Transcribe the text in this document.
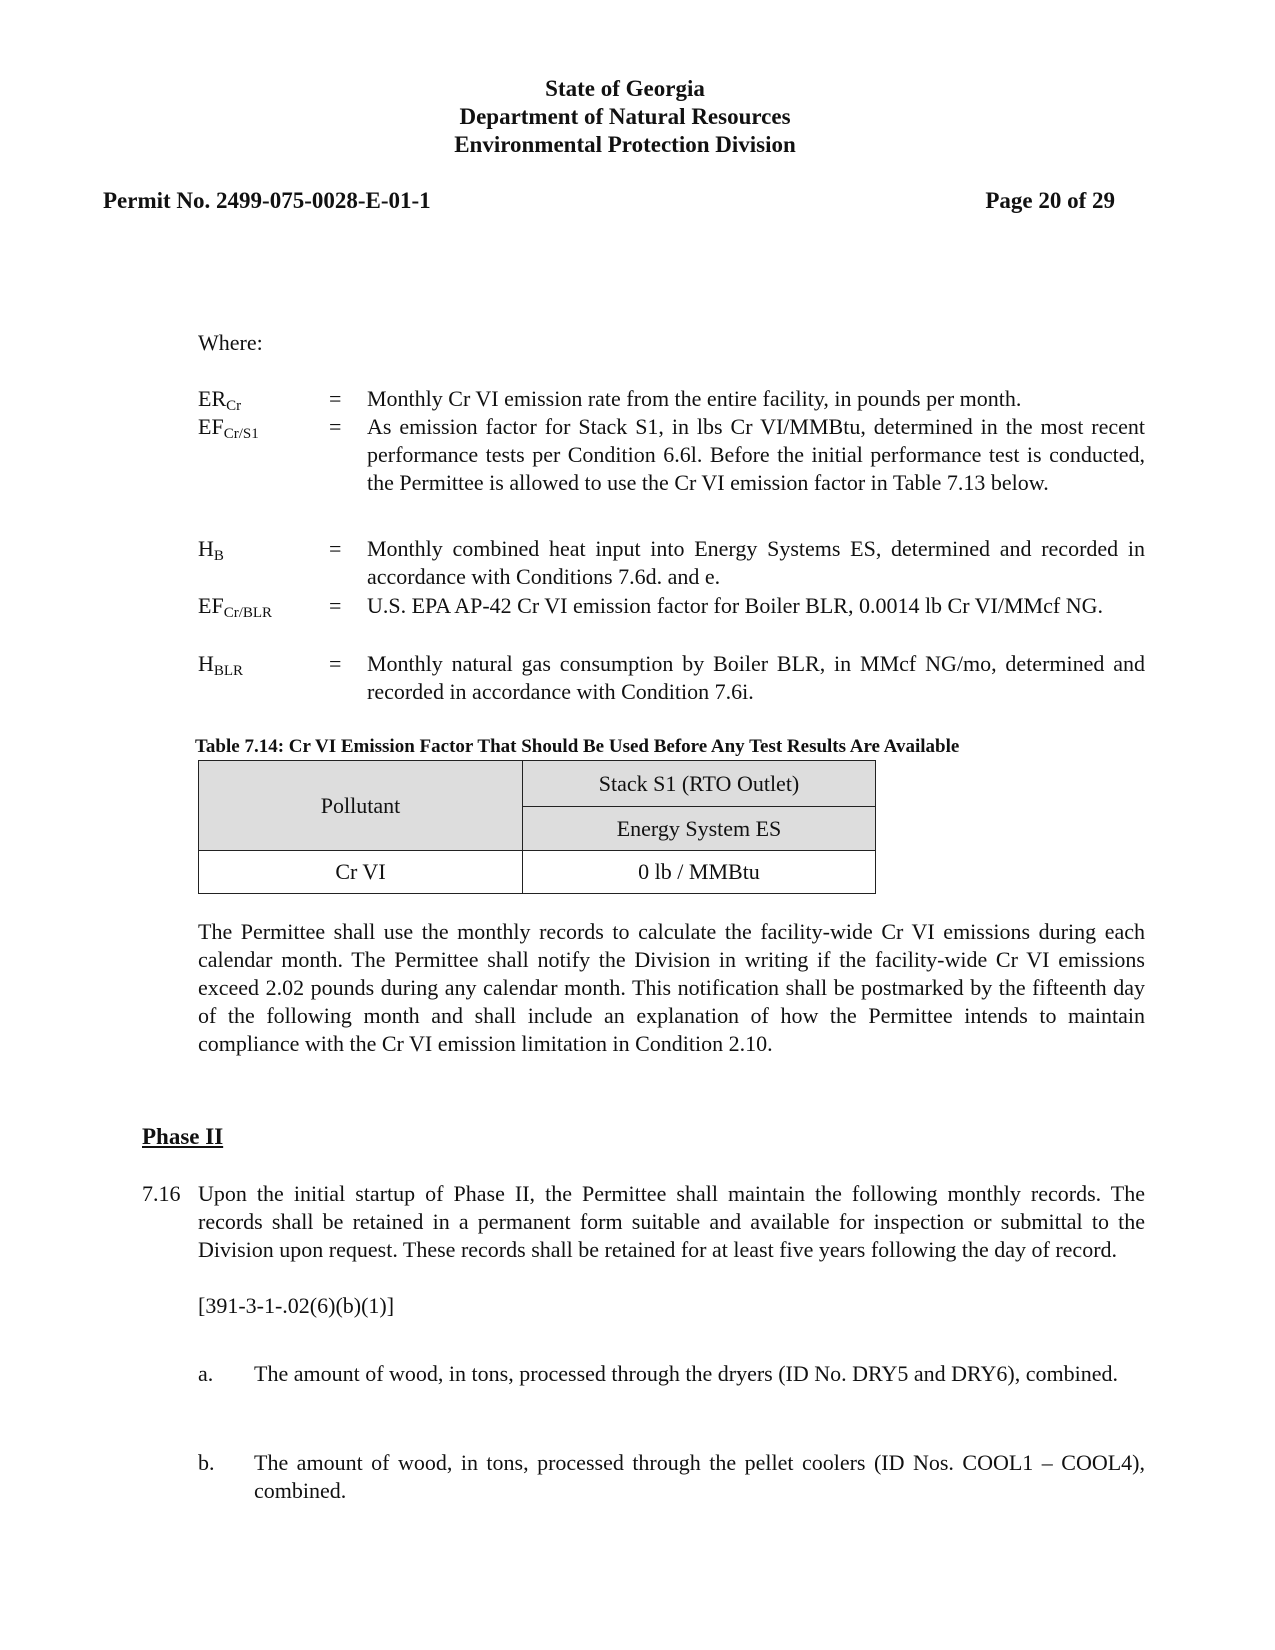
State of Georgia
Department of Natural Resources
Environmental Protection Division
Permit No. 2499-075-0028-E-01-1	Page 20 of 29
Where:
$ER_{Cr}$	= Monthly Cr VI emission rate from the entire facility, in pounds per month.
$EF_{Cr/S1}$	= As emission factor for Stack S1, in lbs Cr VI/MMBtu, determined in the most recent performance tests per Condition 6.6l. Before the initial performance test is conducted, the Permittee is allowed to use the Cr VI emission factor in Table 7.13 below.
$H_B$	= Monthly combined heat input into Energy Systems ES, determined and recorded in accordance with Conditions 7.6d. and e.
$EF_{Cr/BLR}$	= U.S. EPA AP-42 Cr VI emission factor for Boiler BLR, 0.0014 lb Cr VI/MMcf NG.
$H_{BLR}$	= Monthly natural gas consumption by Boiler BLR, in MMcf NG/mo, determined and recorded in accordance with Condition 7.6i.
Table 7.14: Cr VI Emission Factor That Should Be Used Before Any Test Results Are Available
Pollutant	Stack S1 (RTO Outlet)
	Energy System ES
Cr VI	0 lb / MMBtu
The Permittee shall use the monthly records to calculate the facility-wide Cr VI emissions during each calendar month. The Permittee shall notify the Division in writing if the facility-wide Cr VI emissions exceed 2.02 pounds during any calendar month. This notification shall be postmarked by the fifteenth day of the following month and shall include an explanation of how the Permittee intends to maintain compliance with the Cr VI emission limitation in Condition 2.10.
Phase II
7.16 Upon the initial startup of Phase II, the Permittee shall maintain the following monthly records. The records shall be retained in a permanent form suitable and available for inspection or submittal to the Division upon request. These records shall be retained for at least five years following the day of record.
[391-3-1-.02(6)(b)(1)]
a. The amount of wood, in tons, processed through the dryers (ID No. DRY5 and DRY6), combined.
b. The amount of wood, in tons, processed through the pellet coolers (ID Nos. COOL1 – COOL4), combined.
